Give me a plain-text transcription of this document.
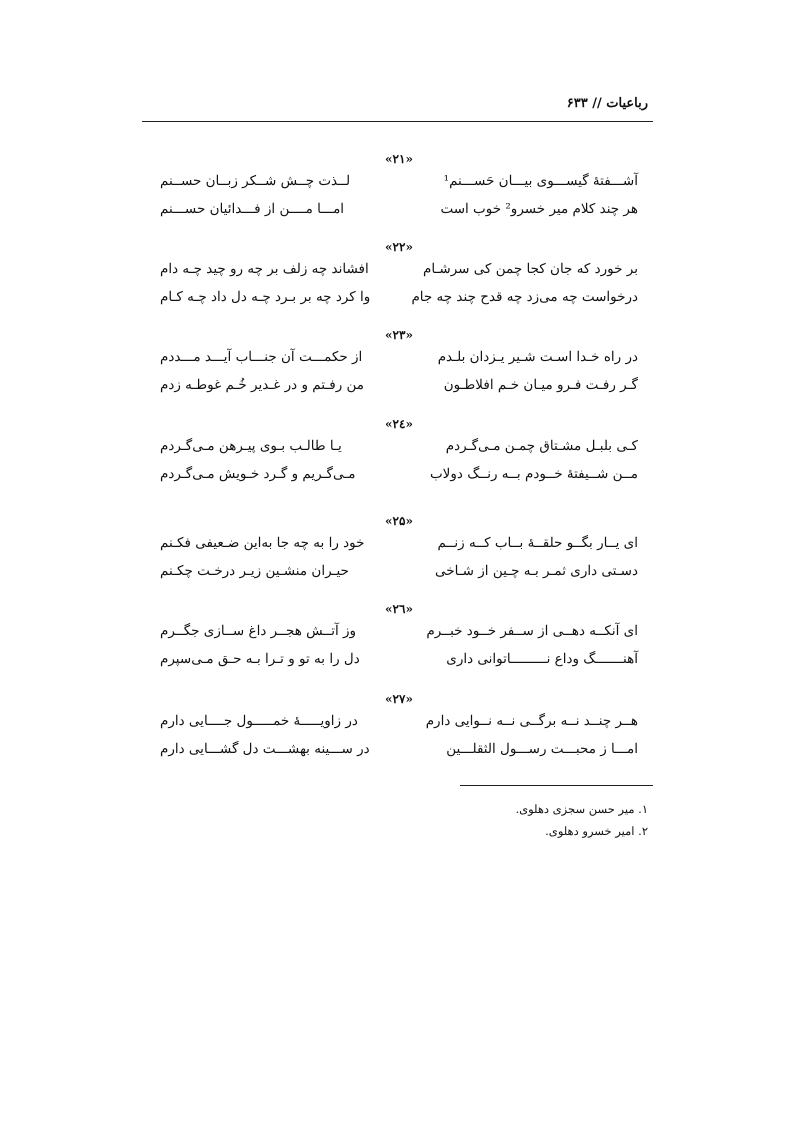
رباعیات // ۶۳۳
«۲۱»
آشـــفتهٔ گیســـوی بیـــان حَســـنم¹
لــذت چــش شــکر زبــان حســنم
هر چند کلام میر خسرو² خوب است
امـــا مــــن از فـــدائیان حســـنم
«۲۲»
بر خورد که جان کجا چمن کی سرشـام
افشاند چه زلف بر چه رو چید چـه دام
درخواست چه می‌زد چه قدح چند چه جام
وا کرد چه بر بـرد چـه دل داد چـه کـام
«۲۳»
در راه خـدا اسـت شـیر یـزدان بلـدم
از حکمـــت آن جنـــاب آیـــد مـــددم
گـر رفـت فـرو میـان خـم افلاطـون
من رفـتم و در غـدیر خُـم غوطـه زدم
«۲٤»
کـی بلبـل مشـتاق چمـن مـی‌گـردم
یـا طالـب بـوی پیـرهن مـی‌گـردم
مــن شــیفتهٔ خــودم بــه رنــگ دولاب
مـی‌گـریم و گـرد خـویش مـی‌گـردم
«۲۵»
ای یــار بگــو حلقــهٔ بــاب کــه زنــم
خود را به چه جا به‌این ضـعیفی فکـنم
دسـتی داری ثمـر بـه چـین از شـاخی
حیـران منشـین زیـر درخـت چکـنم
«۲٦»
ای آنکــه دهــی از ســفر خــود خبــرم
وز آتــش هجــر داغ ســازی جگــرم
آهنـــــــگ وداع نـــــــــاتوانی داری
دل را به تو و تـرا بـه حـق مـی‌سپرم
«۲۷»
هــر چنــد نــه برگــی نــه نــوایی دارم
در زاویـــــهٔ خمـــــول جــــایی دارم
امـــا ز محبـــت رســـول الثقلـــین
در ســـینه بهشـــت دل گشـــایی دارم
۱. میر حسن سجزی دهلوی.
۲. امیر خسرو دهلوی.
